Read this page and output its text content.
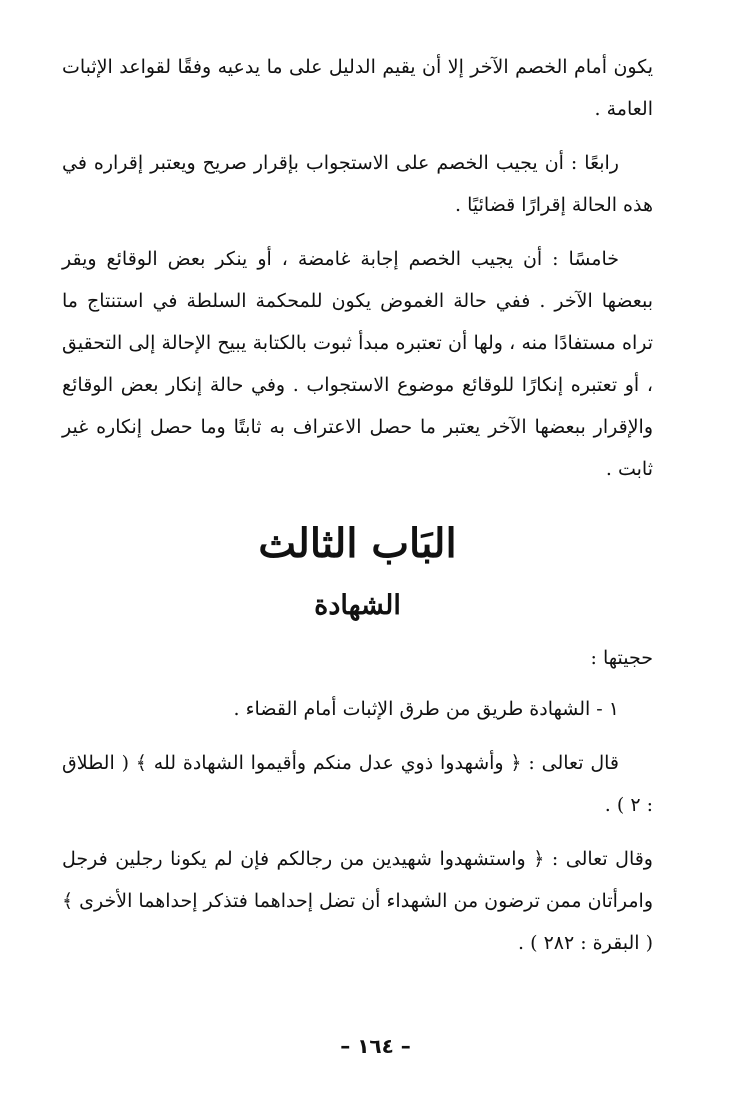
يكون أمام الخصم الآخر إلا أن يقيم الدليل على ما يدعيه وفقًا لقواعد الإثبات العامة .

رابعًا : أن يجيب الخصم على الاستجواب بإقرار صريح ويعتبر إقراره في هذه الحالة إقرارًا قضائيًا .

خامسًا : أن يجيب الخصم إجابة غامضة ، أو ينكر بعض الوقائع ويقر ببعضها الآخر . ففي حالة الغموض يكون للمحكمة السلطة في استنتاج ما تراه مستفادًا منه ، ولها أن تعتبره مبدأ ثبوت بالكتابة يبيح الإحالة إلى التحقيق ، أو تعتبره إنكارًا للوقائع موضوع الاستجواب . وفي حالة إنكار بعض الوقائع والإقرار ببعضها الآخر يعتبر ما حصل الاعتراف به ثابتًا وما حصل إنكاره غير ثابت .

البَاب الثالث
الشهادة
حجيتها :

١ - الشهادة طريق من طرق الإثبات أمام القضاء .

قال تعالى : ﴿ وأشهدوا ذوي عدل منكم وأقيموا الشهادة لله ﴾ ( الطلاق : ٢ ) .

وقال تعالى : ﴿ واستشهدوا شهيدين من رجالكم فإن لم يكونا رجلين فرجل وامرأتان ممن ترضون من الشهداء أن تضل إحداهما فتذكر إحداهما الأخرى ﴾ ( البقرة : ٢٨٢ ) .

– ١٦٤ –
